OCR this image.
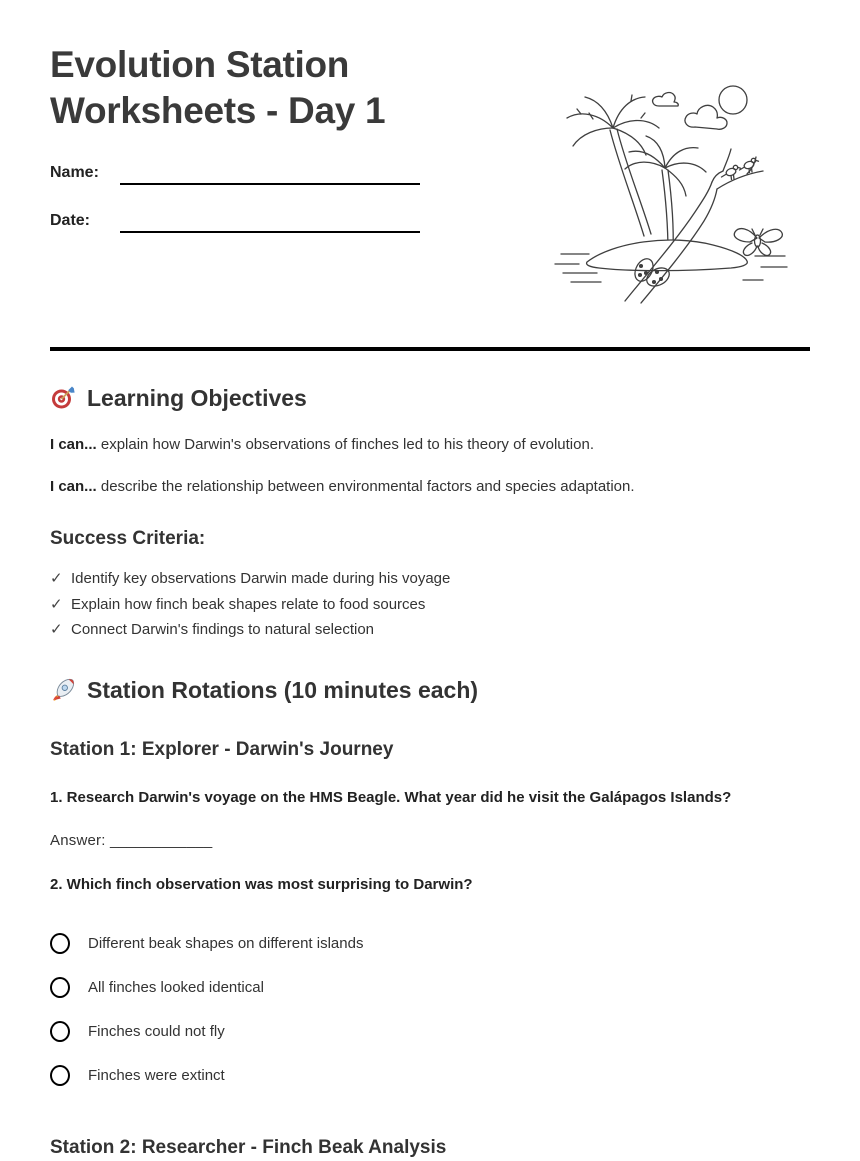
Evolution Station Worksheets - Day 1
Name:
Date:
Learning Objectives

I can... explain how Darwin's observations of finches led to his theory of evolution.

I can... describe the relationship between environmental factors and species adaptation.

Success Criteria:
✓ Identify key observations Darwin made during his voyage
✓ Explain how finch beak shapes relate to food sources
✓ Connect Darwin's findings to natural selection
Station Rotations (10 minutes each)
Station 1: Explorer - Darwin's Journey

1. Research Darwin's voyage on the HMS Beagle. What year did he visit the Galápagos Islands?

Answer: ____________

2. Which finch observation was most surprising to Darwin?

Different beak shapes on different islands
All finches looked identical
Finches could not fly
Finches were extinct
Station 2: Researcher - Finch Beak Analysis
